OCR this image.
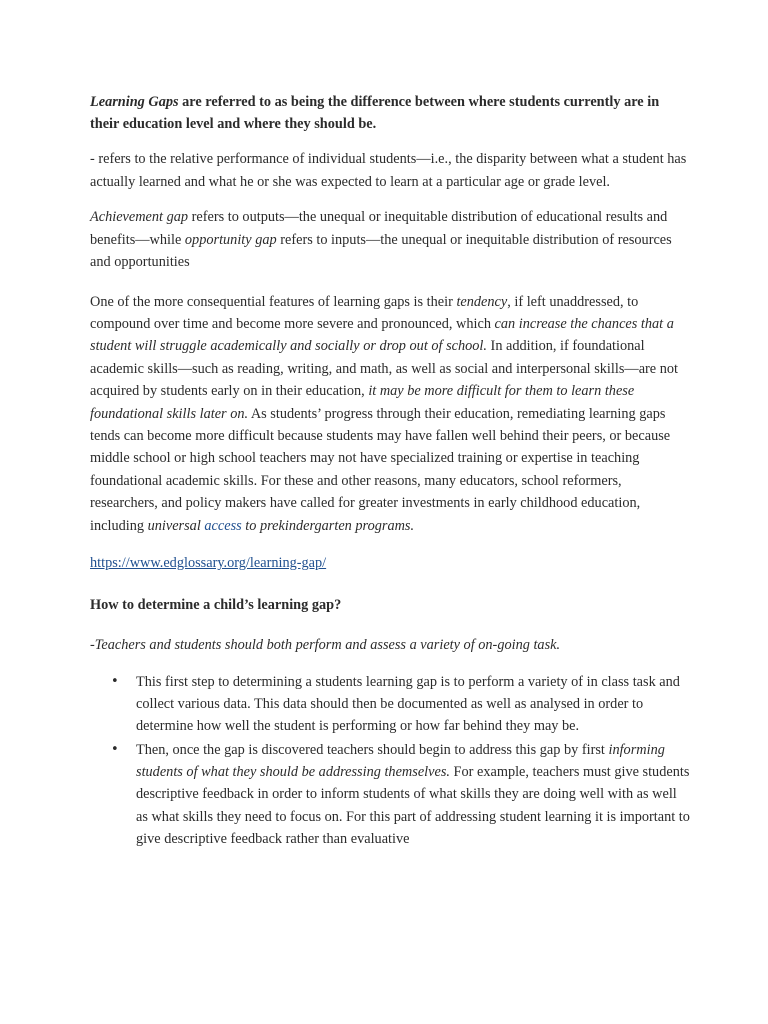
Learning Gaps are referred to as being the difference between where students currently are in their education level and where they should be.

- refers to the relative performance of individual students—i.e., the disparity between what a student has actually learned and what he or she was expected to learn at a particular age or grade level.

Achievement gap refers to outputs—the unequal or inequitable distribution of educational results and benefits—while opportunity gap refers to inputs—the unequal or inequitable distribution of resources and opportunities

One of the more consequential features of learning gaps is their tendency, if left unaddressed, to compound over time and become more severe and pronounced, which can increase the chances that a student will struggle academically and socially or drop out of school. In addition, if foundational academic skills—such as reading, writing, and math, as well as social and interpersonal skills—are not acquired by students early on in their education, it may be more difficult for them to learn these foundational skills later on. As students’ progress through their education, remediating learning gaps tends can become more difficult because students may have fallen well behind their peers, or because middle school or high school teachers may not have specialized training or expertise in teaching foundational academic skills. For these and other reasons, many educators, school reformers, researchers, and policy makers have called for greater investments in early childhood education, including universal access to prekindergarten programs.

https://www.edglossary.org/learning-gap/

How to determine a child’s learning gap?

-Teachers and students should both perform and assess a variety of on-going task.

• This first step to determining a students learning gap is to perform a variety of in class task and collect various data. This data should then be documented as well as analysed in order to determine how well the student is performing or how far behind they may be.
• Then, once the gap is discovered teachers should begin to address this gap by first informing students of what they should be addressing themselves. For example, teachers must give students descriptive feedback in order to inform students of what skills they are doing well with as well as what skills they need to focus on. For this part of addressing student learning it is important to give descriptive feedback rather than evaluative
